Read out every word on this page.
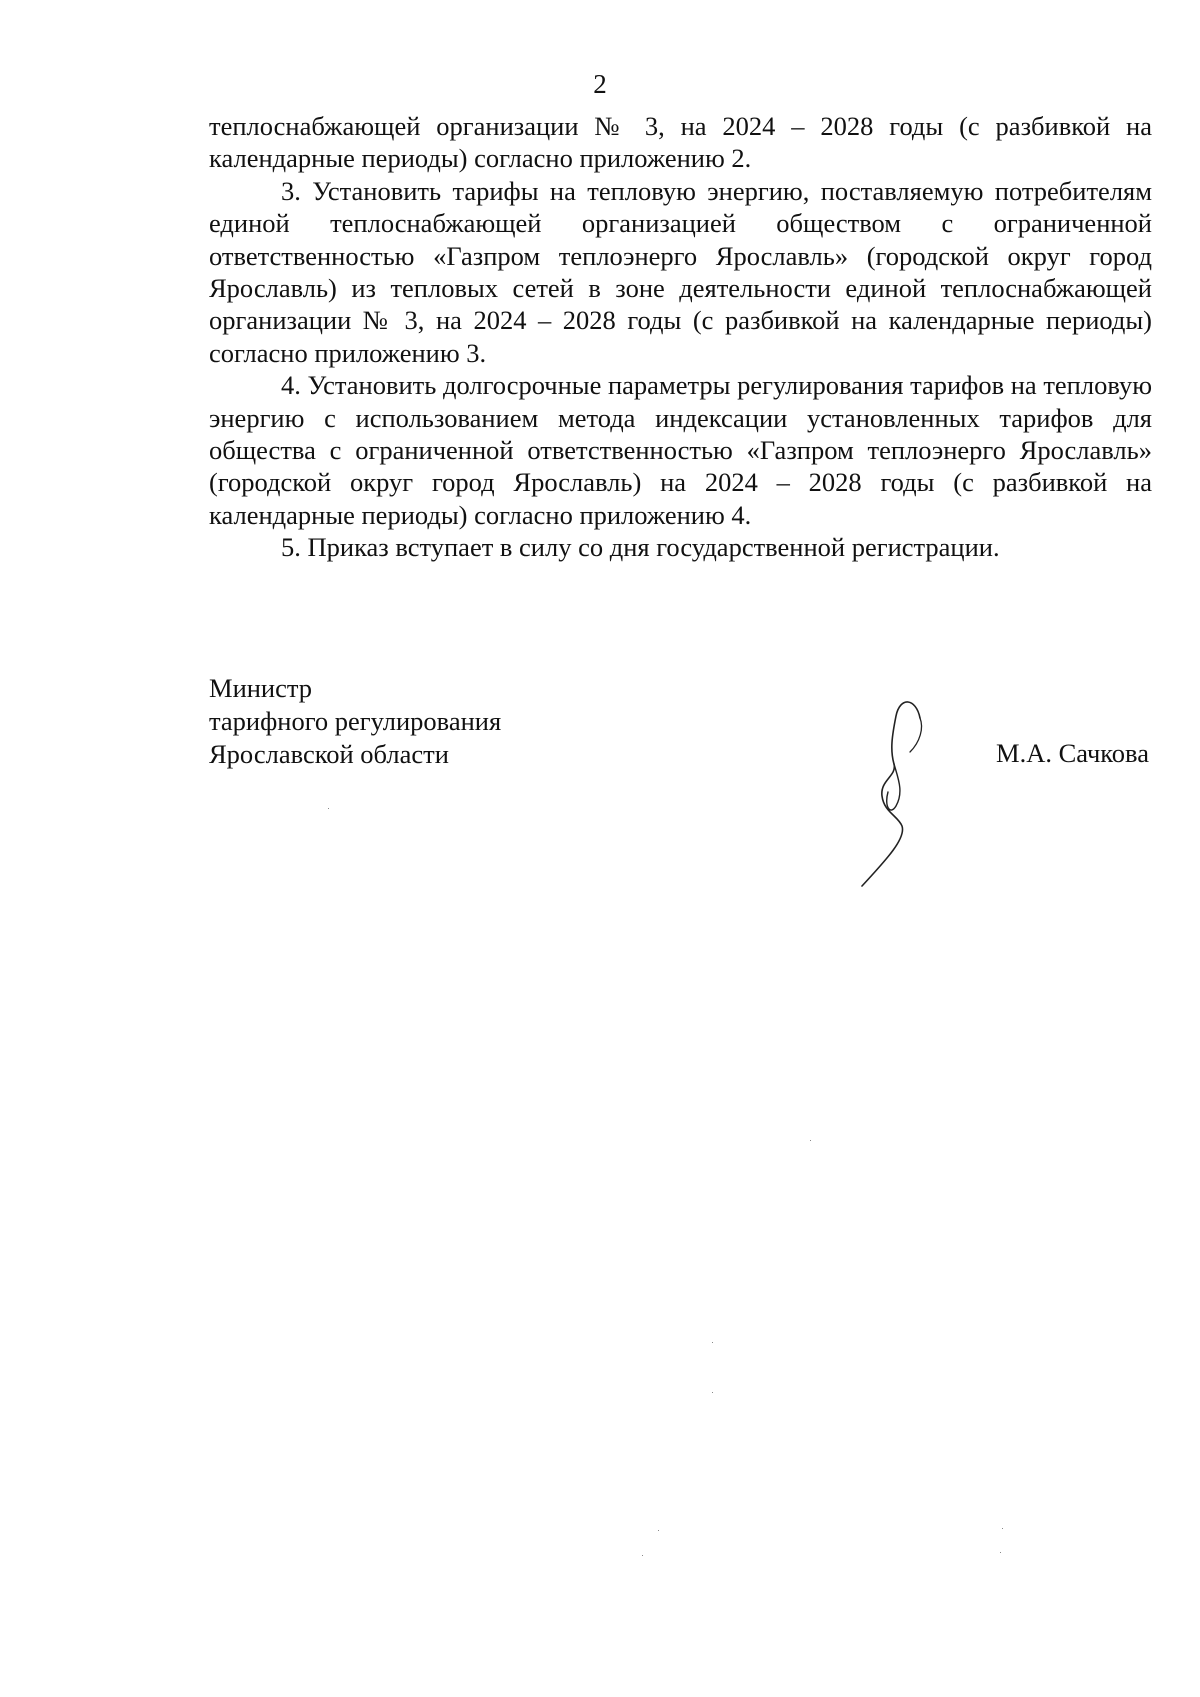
2

теплоснабжающей организации № 3, на 2024 – 2028 годы (с разбивкой на календарные периоды) согласно приложению 2.

3. Установить тарифы на тепловую энергию, поставляемую потребителям единой теплоснабжающей организацией обществом с ограниченной ответственностью «Газпром теплоэнерго Ярославль» (городской округ город Ярославль) из тепловых сетей в зоне деятельности единой теплоснабжающей организации № 3, на 2024 – 2028 годы (с разбивкой на календарные периоды) согласно приложению 3.

4. Установить долгосрочные параметры регулирования тарифов на тепловую энергию с использованием метода индексации установленных тарифов для общества с ограниченной ответственностью «Газпром теплоэнерго Ярославль» (городской округ город Ярославль) на 2024 – 2028 годы (с разбивкой на календарные периоды) согласно приложению 4.

5. Приказ вступает в силу со дня государственной регистрации.

Министр
тарифного регулирования
Ярославской области	М.А. Сачкова
